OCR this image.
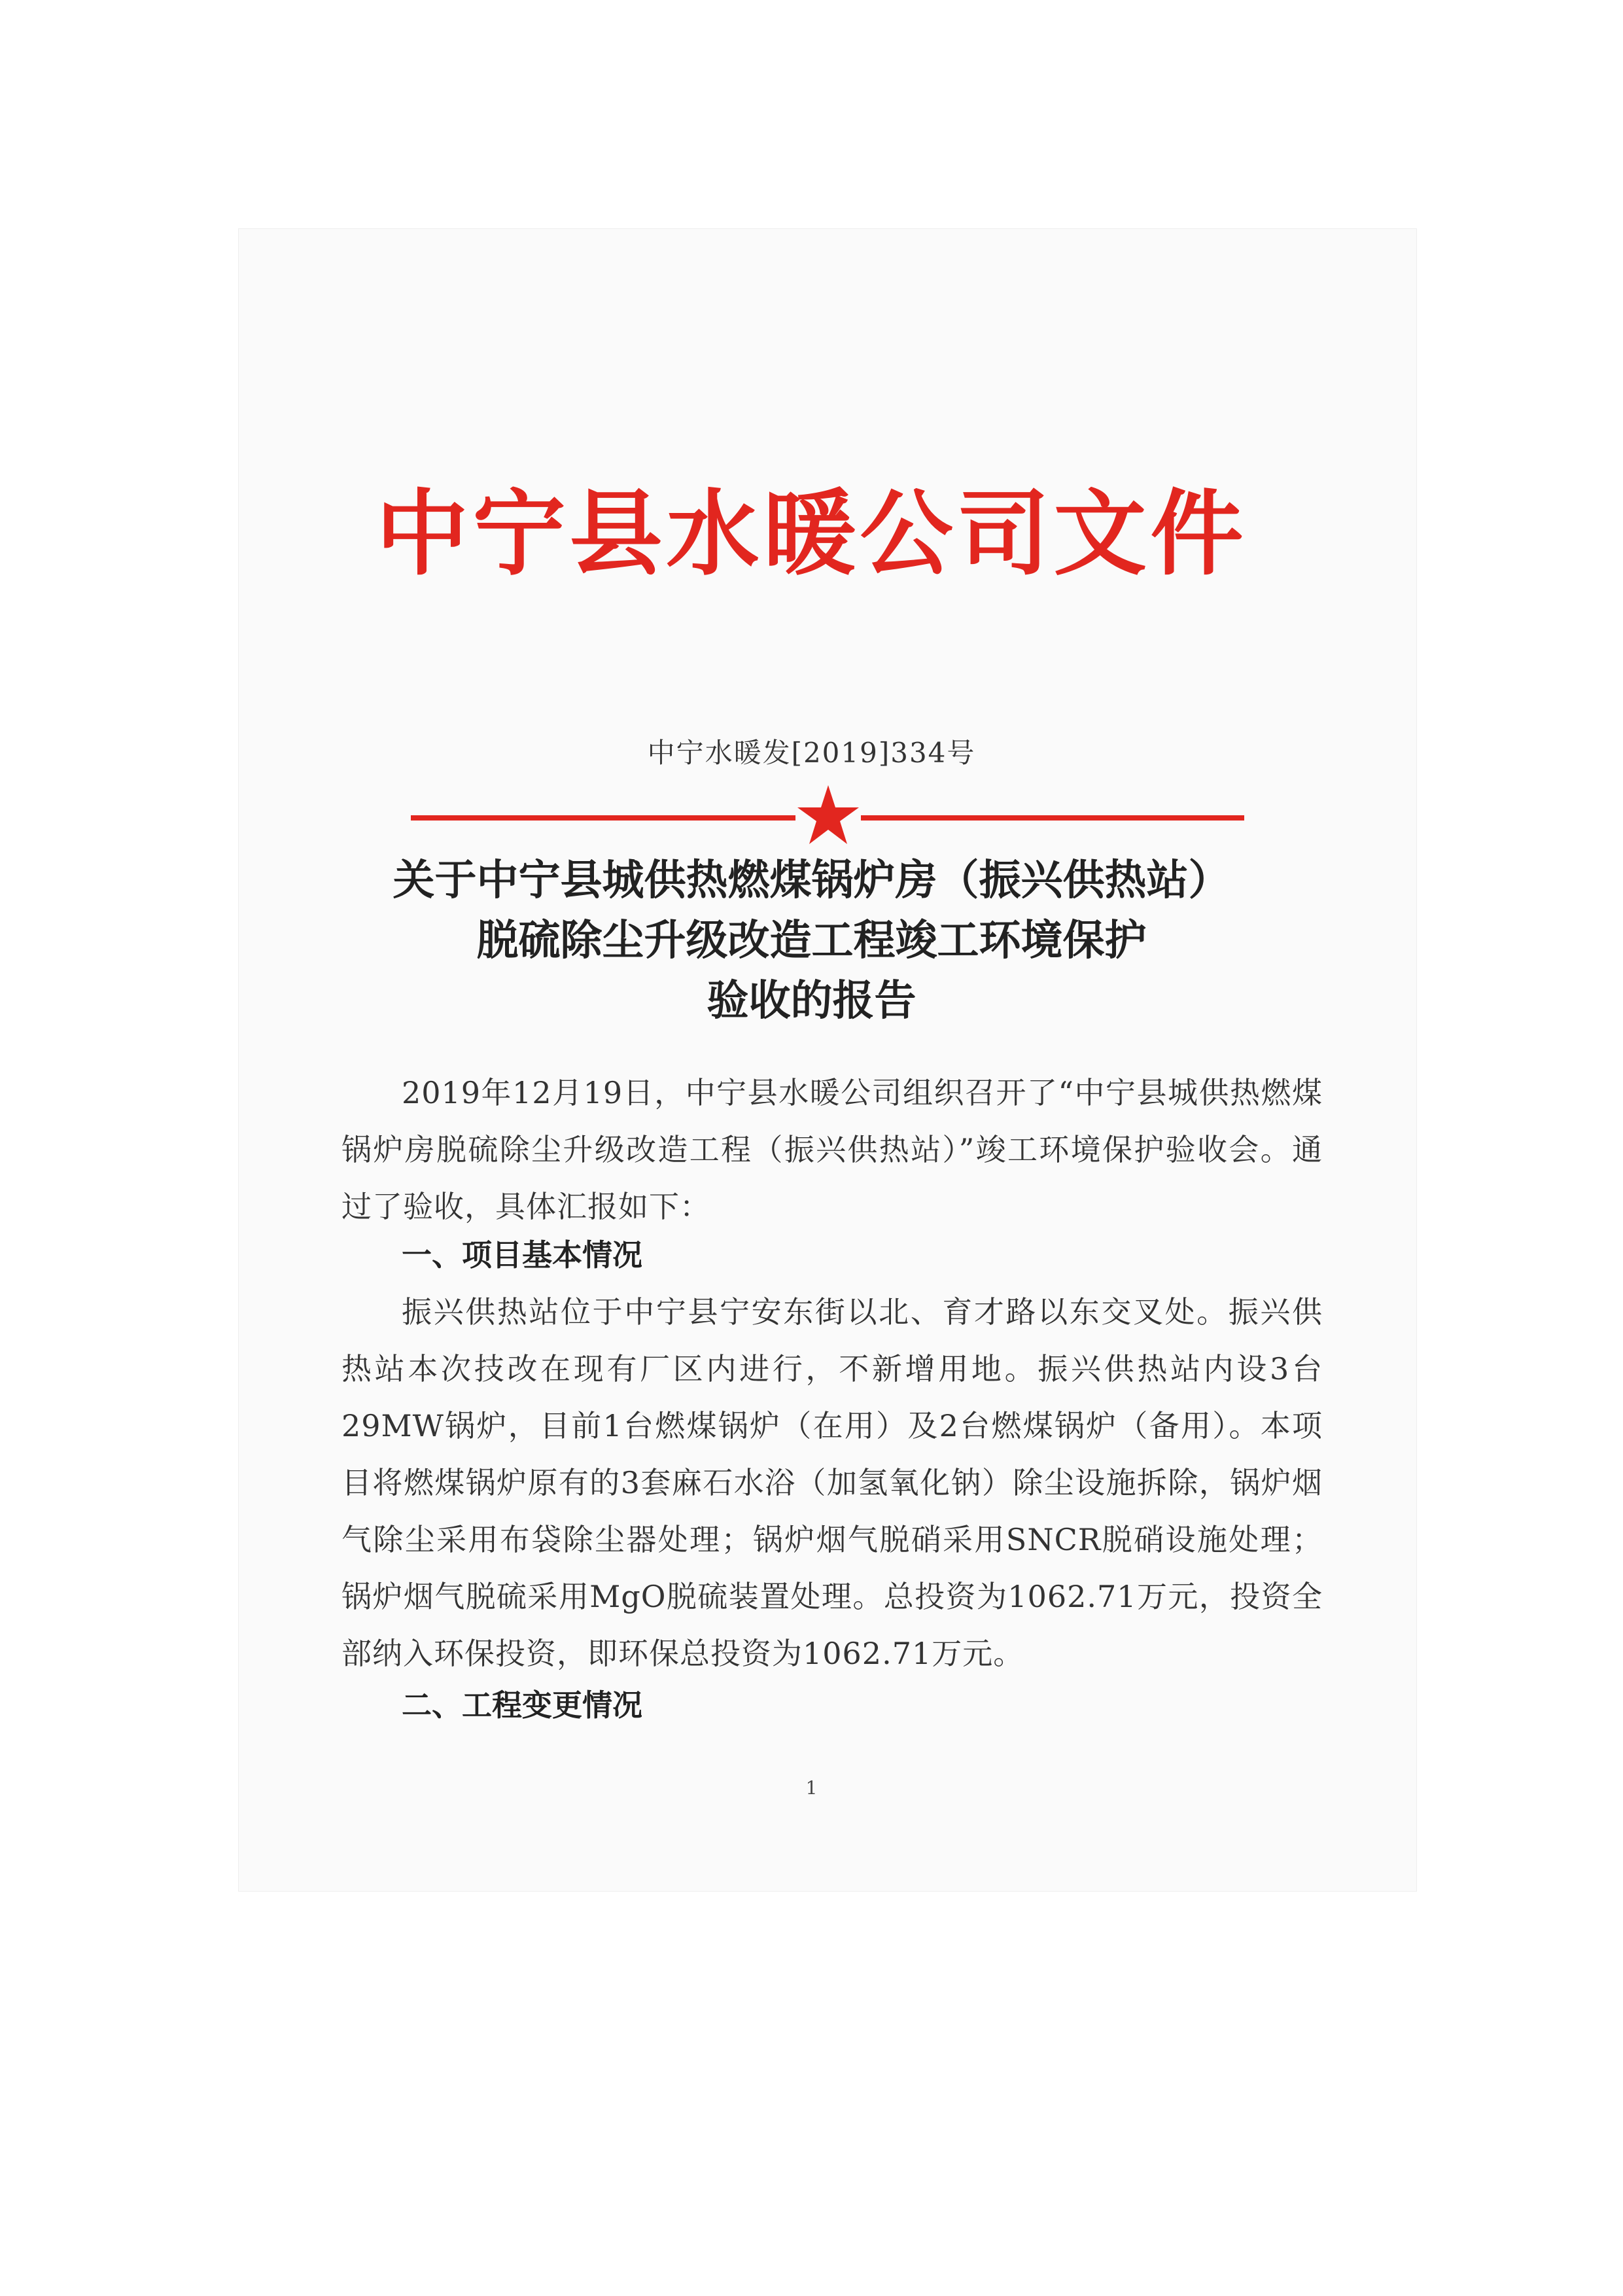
中宁县水暖公司文件
中宁水暖发[2019]334号
关于中宁县城供热燃煤锅炉房（振兴供热站）
脱硫除尘升级改造工程竣工环境保护
验收的报告

2019年12月19日，中宁县水暖公司组织召开了“中宁县城供热燃煤锅炉房脱硫除尘升级改造工程（振兴供热站）”竣工环境保护验收会。通过了验收，具体汇报如下：

一、项目基本情况

振兴供热站位于中宁县宁安东街以北、育才路以东交叉处。振兴供热站本次技改在现有厂区内进行，不新增用地。振兴供热站内设3台29MW锅炉，目前1台燃煤锅炉（在用）及2台燃煤锅炉（备用）。本项目将燃煤锅炉原有的3套麻石水浴（加氢氧化钠）除尘设施拆除，锅炉烟气除尘采用布袋除尘器处理；锅炉烟气脱硝采用SNCR脱硝设施处理；锅炉烟气脱硫采用MgO脱硫装置处理。总投资为1062.71万元，投资全部纳入环保投资，即环保总投资为1062.71万元。

二、工程变更情况
1
